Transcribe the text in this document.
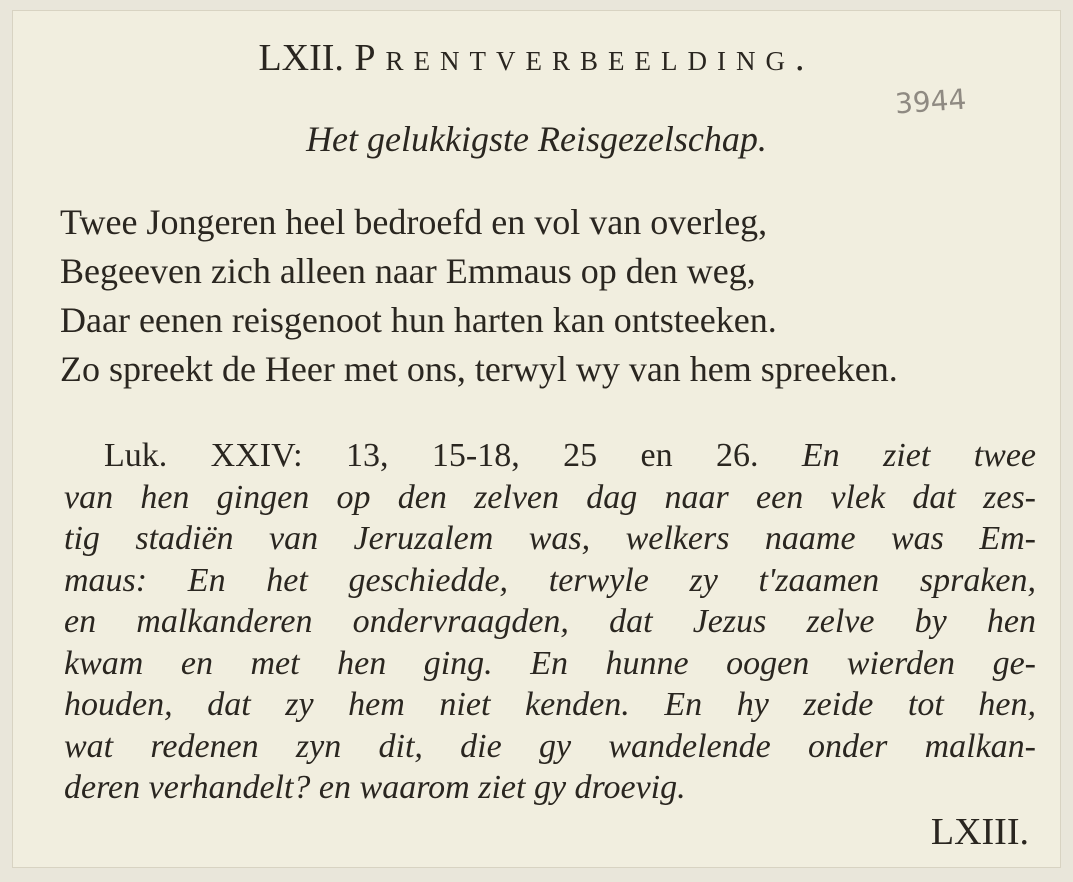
LXII. Prentverbeelding.
3944
Het gelukkigste Reisgezelschap.
Twee Jongeren heel bedroefd en vol van overleg,
Begeeven zich alleen naar Emmaus op den weg,
Daar eenen reisgenoot hun harten kan ontsteeken.
Zo spreekt de Heer met ons, terwyl wy van hem spreeken.
Luk. XXIV: 13, 15-18, 25 en 26. En ziet twee
van hen gingen op den zelven dag naar een vlek dat zes-
tig stadiën van Jeruzalem was, welkers naame was Em-
maus: En het geschiedde, terwyle zy t'zaamen spraken,
en malkanderen ondervraagden, dat Jezus zelve by hen
kwam en met hen ging. En hunne oogen wierden ge-
houden, dat zy hem niet kenden. En hy zeide tot hen,
wat redenen zyn dit, die gy wandelende onder malkan-
deren verhandelt? en waarom ziet gy droevig.
LXIII.
